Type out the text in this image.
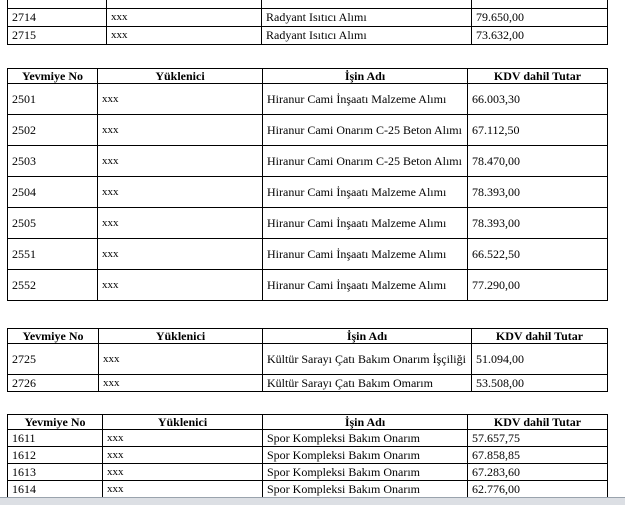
2714	xxx	Radyant Isıtıcı Alımı	79.650,00
2715	xxx	Radyant Isıtıcı Alımı	73.632,00
Yevmiye No	Yüklenici	İşin Adı	KDV dahil Tutar
2501	xxx	Hiranur Cami İnşaatı Malzeme Alımı	66.003,30
2502	xxx	Hiranur Cami Onarım C-25 Beton Alımı	67.112,50
2503	xxx	Hiranur Cami Onarım C-25 Beton Alımı	78.470,00
2504	xxx	Hiranur Cami İnşaatı Malzeme Alımı	78.393,00
2505	xxx	Hiranur Cami İnşaatı Malzeme Alımı	78.393,00
2551	xxx	Hiranur Cami İnşaatı Malzeme Alımı	66.522,50
2552	xxx	Hiranur Cami İnşaatı Malzeme Alımı	77.290,00
Yevmiye No	Yüklenici	İşin Adı	KDV dahil Tutar
2725	xxx	Kültür Sarayı Çatı Bakım Onarım İşçiliği	51.094,00
2726	xxx	Kültür Sarayı Çatı Bakım Omarım	53.508,00
Yevmiye No	Yüklenici	İşin Adı	KDV dahil Tutar
1611	xxx	Spor Kompleksi Bakım Onarım	57.657,75
1612	xxx	Spor Kompleksi Bakım Onarım	67.858,85
1613	xxx	Spor Kompleksi Bakım Onarım	67.283,60
1614	xxx	Spor Kompleksi Bakım Onarım	62.776,00
